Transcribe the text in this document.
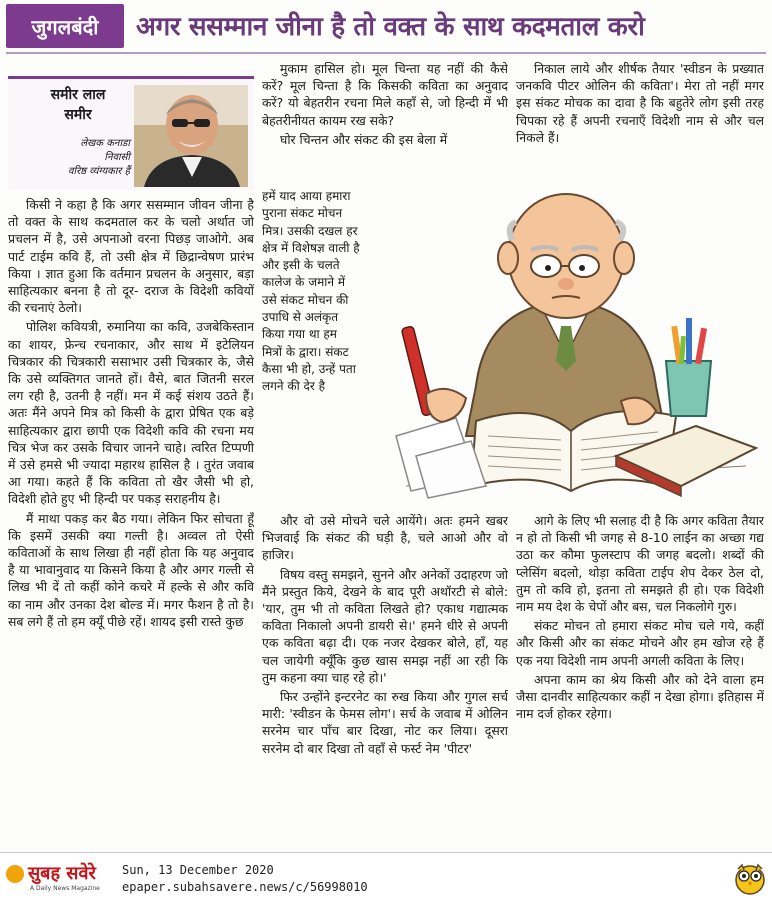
जुगलबंदी	अगर ससम्मान जीना है तो वक्त के साथ कदमताल करो
समीर लाल
समीर
लेखक कनाडा
निवासी
वरिष्ठ व्यंग्यकार हैं

किसी ने कहा है कि अगर ससम्मान जीवन जीना है तो वक्त के साथ कदमताल कर के चलो अर्थात जो प्रचलन में है, उसे अपनाओ वरना पिछड़ जाओगे. अब पार्ट टाईम कवि हैं, तो उसी क्षेत्र में छिद्रान्वेषण प्रारंभ किया । ज्ञात हुआ कि वर्तमान प्रचलन के अनुसार, बड़ा साहित्यकार बनना है तो दूर- दराज के विदेशी कवियों की रचनाएं ठेलो।

पोलिश कवियत्री, रुमानिया का कवि, उजबेकिस्तान का शायर, फ्रेन्च रचनाकार, और साथ में इटेलियन चित्रकार की चित्रकारी ससाभार उसी चित्रकार के, जैसे कि उसे व्यक्तिगत जानते हों। वैसे, बात जितनी सरल लग रही है, उतनी है नहीं। मन में कई संशय उठते हैं। अतः मैंने अपने मित्र को किसी के द्वारा प्रेषित एक बड़े साहित्यकार द्वारा छापी एक विदेशी कवि की रचना मय चित्र भेज कर उसके विचार जानने चाहे। त्वरित टिप्पणी में उसे हमसे भी ज्यादा महारथ हासिल है । तुरंत जवाब आ गया। कहते हैं कि कविता तो खैर जैसी भी हो, विदेशी होते हुए भी हिन्दी पर पकड़ सराहनीय है।

मैं माथा पकड़ कर बैठ गया। लेकिन फिर सोचता हूँ कि इसमें उसकी क्या गल्ती है। अव्वल तो ऐसी कविताओं के साथ लिखा ही नहीं होता कि यह अनुवाद है या भावानुवाद या किसने किया है और अगर गल्ती से लिख भी दें तो कहीं कोने कचरे में हल्के से और कवि का नाम और उनका देश बोल्ड में। मगर फैशन है तो है। सब लगे हैं तो हम क्यूँ पीछे रहें। शायद इसी रास्ते कुछ

मुकाम हासिल हो। मूल चिन्ता यह नहीं की कैसे करें? मूल चिन्ता है कि किसकी कविता का अनुवाद करें? यो बेहतरीन रचना मिले कहाँ से, जो हिन्दी में भी बेहतरीनीयत कायम रख सके?

घोर चिन्तन और संकट की इस बेला में

हमें याद आया हमारा पुराना संकट मोचन मित्र। उसकी दखल हर क्षेत्र में विशेषज्ञ वाली है और इसी के चलते कालेज के जमाने में उसे संकट मोचन की उपाधि से अलंकृत किया गया था हम मित्रों के द्वारा। संकट कैसा भी हो, उन्हें पता लगने की देर है

और वो उसे मोचने चले आयेंगे। अतः हमने खबर भिजवाई कि संकट की घड़ी है, चले आओ और वो हाजिर।

विषय वस्तु समझने, सुनने और अनेकों उदाहरण जो मैंने प्रस्तुत किये, देखने के बाद पूरी अथॉरटी से बोले: 'यार, तुम भी तो कविता लिखते हो? एकाध गद्यात्मक कविता निकालो अपनी डायरी से।' हमने धीरे से अपनी एक कविता बढ़ा दी। एक नजर देखकर बोले, हाँ, यह चल जायेगी क्यूँकि कुछ खास समझ नहीं आ रही कि तुम कहना क्या चाह रहे हो।'

फिर उन्होंने इन्टरनेट का रुख किया और गुगल सर्च मारी: 'स्वीडन के फेमस लोग'। सर्च के जवाब में ओलिन सरनेम चार पाँच बार दिखा, नोट कर लिया। दूसरा सरनेम दो बार दिखा तो वहाँ से फर्स्ट नेम 'पीटर'

निकाल लाये और शीर्षक तैयार 'स्वीडन के प्रख्यात जनकवि पीटर ओलिन की कविता'। मेरा तो नहीं मगर इस संकट मोचक का दावा है कि बहुतेरे लोग इसी तरह चिपका रहे हैं अपनी रचनाएँ विदेशी नाम से और चल निकले हैं।

आगे के लिए भी सलाह दी है कि अगर कविता तैयार न हो तो किसी भी जगह से 8-10 लाईन का अच्छा गद्य उठा कर कौमा फुलस्टाप की जगह बदलो। शब्दों की प्लेसिंग बदलो, थोड़ा कविता टाईप शेप देकर ठेल दो, तुम तो कवि हो, इतना तो समझते ही हो। एक विदेशी नाम मय देश के चेपों और बस, चल निकलोगे गुरु।

संकट मोचन तो हमारा संकट मोच चले गये, कहीं और किसी और का संकट मोचने और हम खोज रहे हैं एक नया विदेशी नाम अपनी अगली कविता के लिए।

अपना काम का श्रेय किसी और को देने वाला हम जैसा दानवीर साहित्यकार कहीं न देखा होगा। इतिहास में नाम दर्ज होकर रहेगा।

सुबह सवेरे
A Daily News Magazine
Sun, 13 December 2020
epaper.subahsavere.news/c/56998010
